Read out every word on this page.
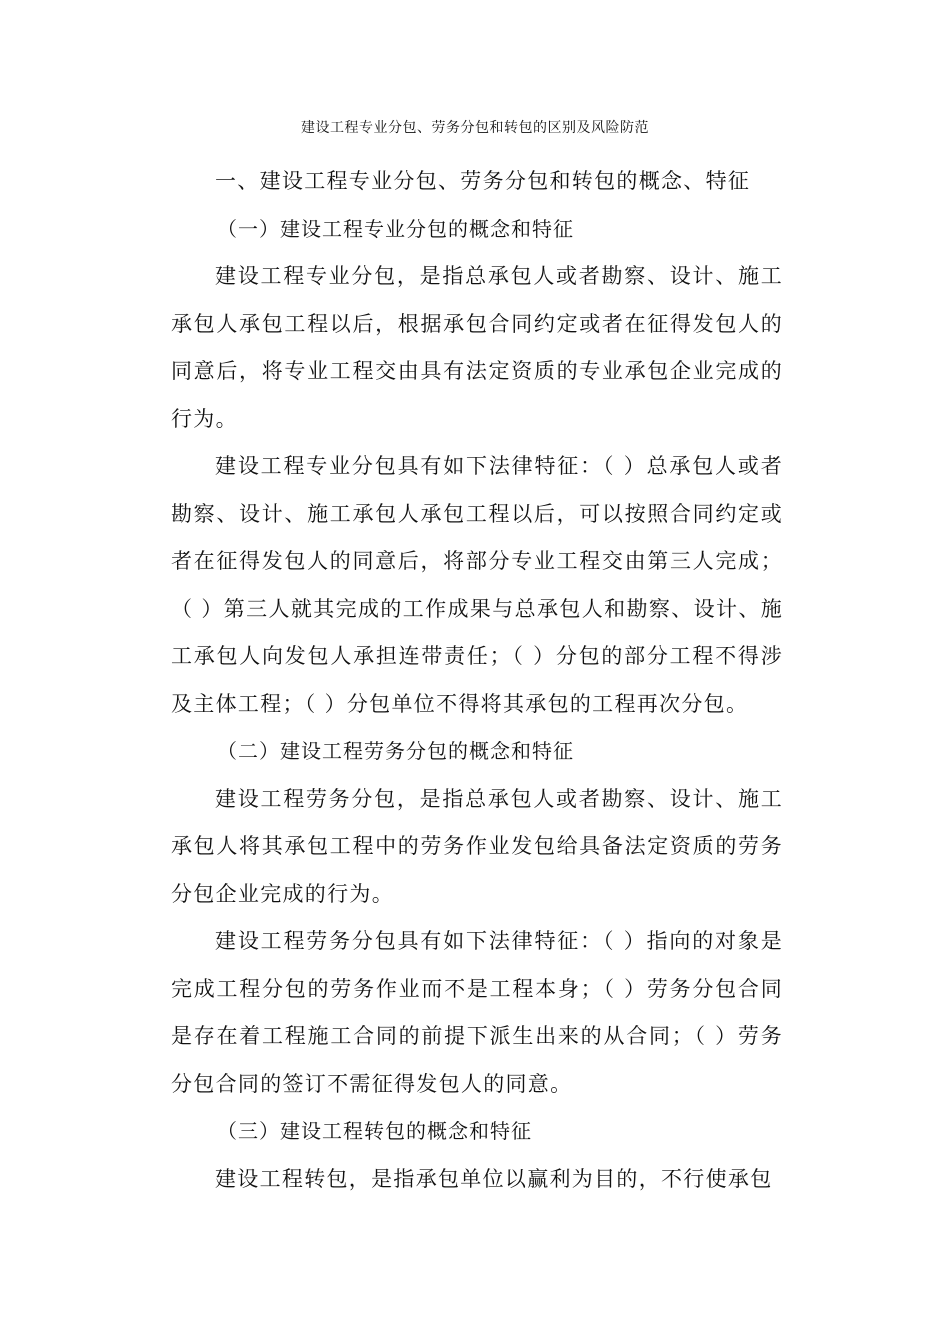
建设工程专业分包、劳务分包和转包的区别及风险防范

一、建设工程专业分包、劳务分包和转包的概念、特征

（一）建设工程专业分包的概念和特征

建设工程专业分包，是指总承包人或者勘察、设计、施工承包人承包工程以后，根据承包合同约定或者在征得发包人的同意后，将专业工程交由具有法定资质的专业承包企业完成的行为。

建设工程专业分包具有如下法律特征：（ ）总承包人或者勘察、设计、施工承包人承包工程以后，可以按照合同约定或者在征得发包人的同意后，将部分专业工程交由第三人完成；（ ）第三人就其完成的工作成果与总承包人和勘察、设计、施工承包人向发包人承担连带责任；（ ）分包的部分工程不得涉及主体工程；（ ）分包单位不得将其承包的工程再次分包。

（二）建设工程劳务分包的概念和特征

建设工程劳务分包，是指总承包人或者勘察、设计、施工承包人将其承包工程中的劳务作业发包给具备法定资质的劳务分包企业完成的行为。

建设工程劳务分包具有如下法律特征：（ ）指向的对象是完成工程分包的劳务作业而不是工程本身；（ ）劳务分包合同是存在着工程施工合同的前提下派生出来的从合同；（ ）劳务分包合同的签订不需征得发包人的同意。

（三）建设工程转包的概念和特征

建设工程转包，是指承包单位以赢利为目的，不行使承包
